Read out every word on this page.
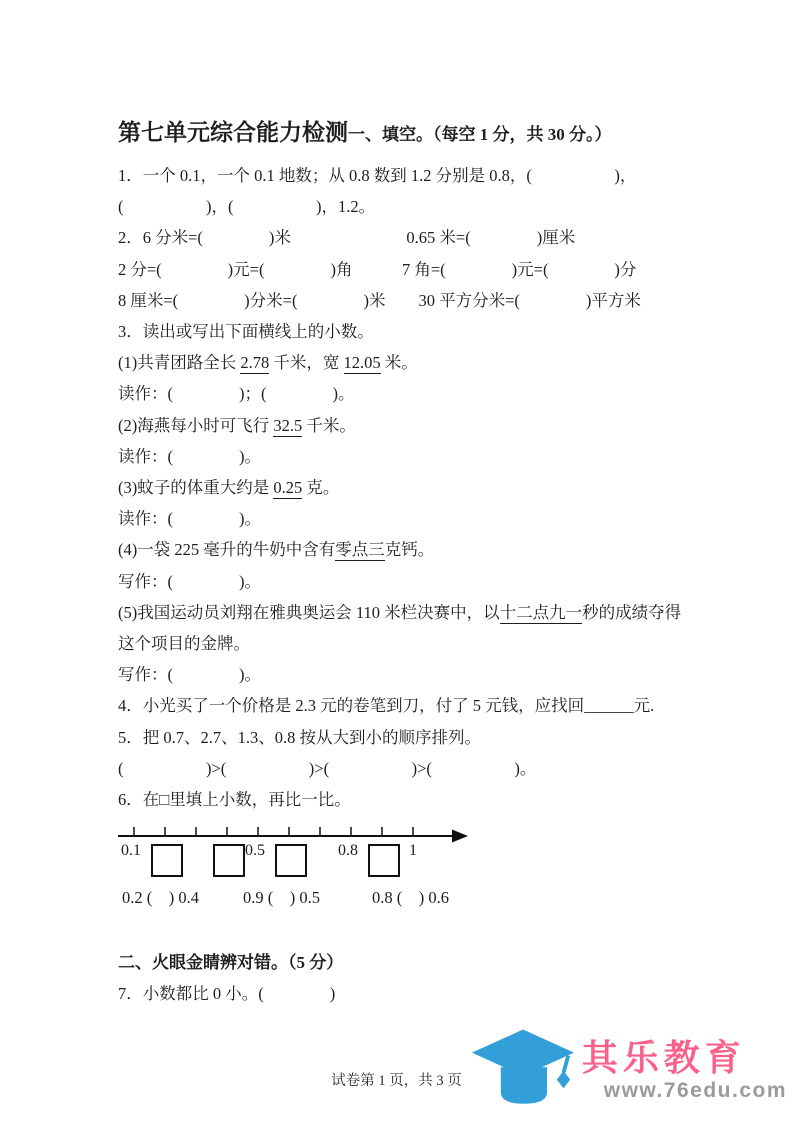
第七单元综合能力检测一、填空。（每空 1 分，共 30 分。）

1．一个 0.1，一个 0.1 地数；从 0.8 数到 1.2 分别是 0.8，(　　　　　)，

(　　　　　)，(　　　　　)，1.2。

2．6 分米=(　　　　)米　　　　　　　0.65 米=(　　　　)厘米

2 分=(　　　　)元=(　　　　)角　　　7 角=(　　　　)元=(　　　　)分

8 厘米=(　　　　)分米=(　　　　)米　　30 平方分米=(　　　　)平方米

3．读出或写出下面横线上的小数。

(1)共青团路全长 2.78 千米，宽 12.05 米。

读作：(　　　　)；(　　　　)。

(2)海燕每小时可飞行 32.5 千米。

读作：(　　　　)。

(3)蚊子的体重大约是 0.25 克。

读作：(　　　　)。

(4)一袋 225 毫升的牛奶中含有零点三克钙。

写作：(　　　　)。

(5)我国运动员刘翔在雅典奥运会 110 米栏决赛中，以十二点九一秒的成绩夺得

这个项目的金牌。

写作：(　　　　)。

4．小光买了一个价格是 2.3 元的卷笔到刀，付了 5 元钱，应找回______元.

5．把 0.7、2.7、1.3、0.8 按从大到小的顺序排列。

(　　　　　)>(　　　　　)>(　　　　　)>(　　　　　)。

6．在□里填上小数，再比一比。

0.1	0.5	0.8	1
0.2 (　) 0.4	0.9 (　) 0.5	0.8 (　) 0.6
二、火眼金睛辨对错。（5 分）

7．小数都比 0 小。(　　　　)

试卷第 1 页，共 3 页
其乐教育
www.76edu.com
